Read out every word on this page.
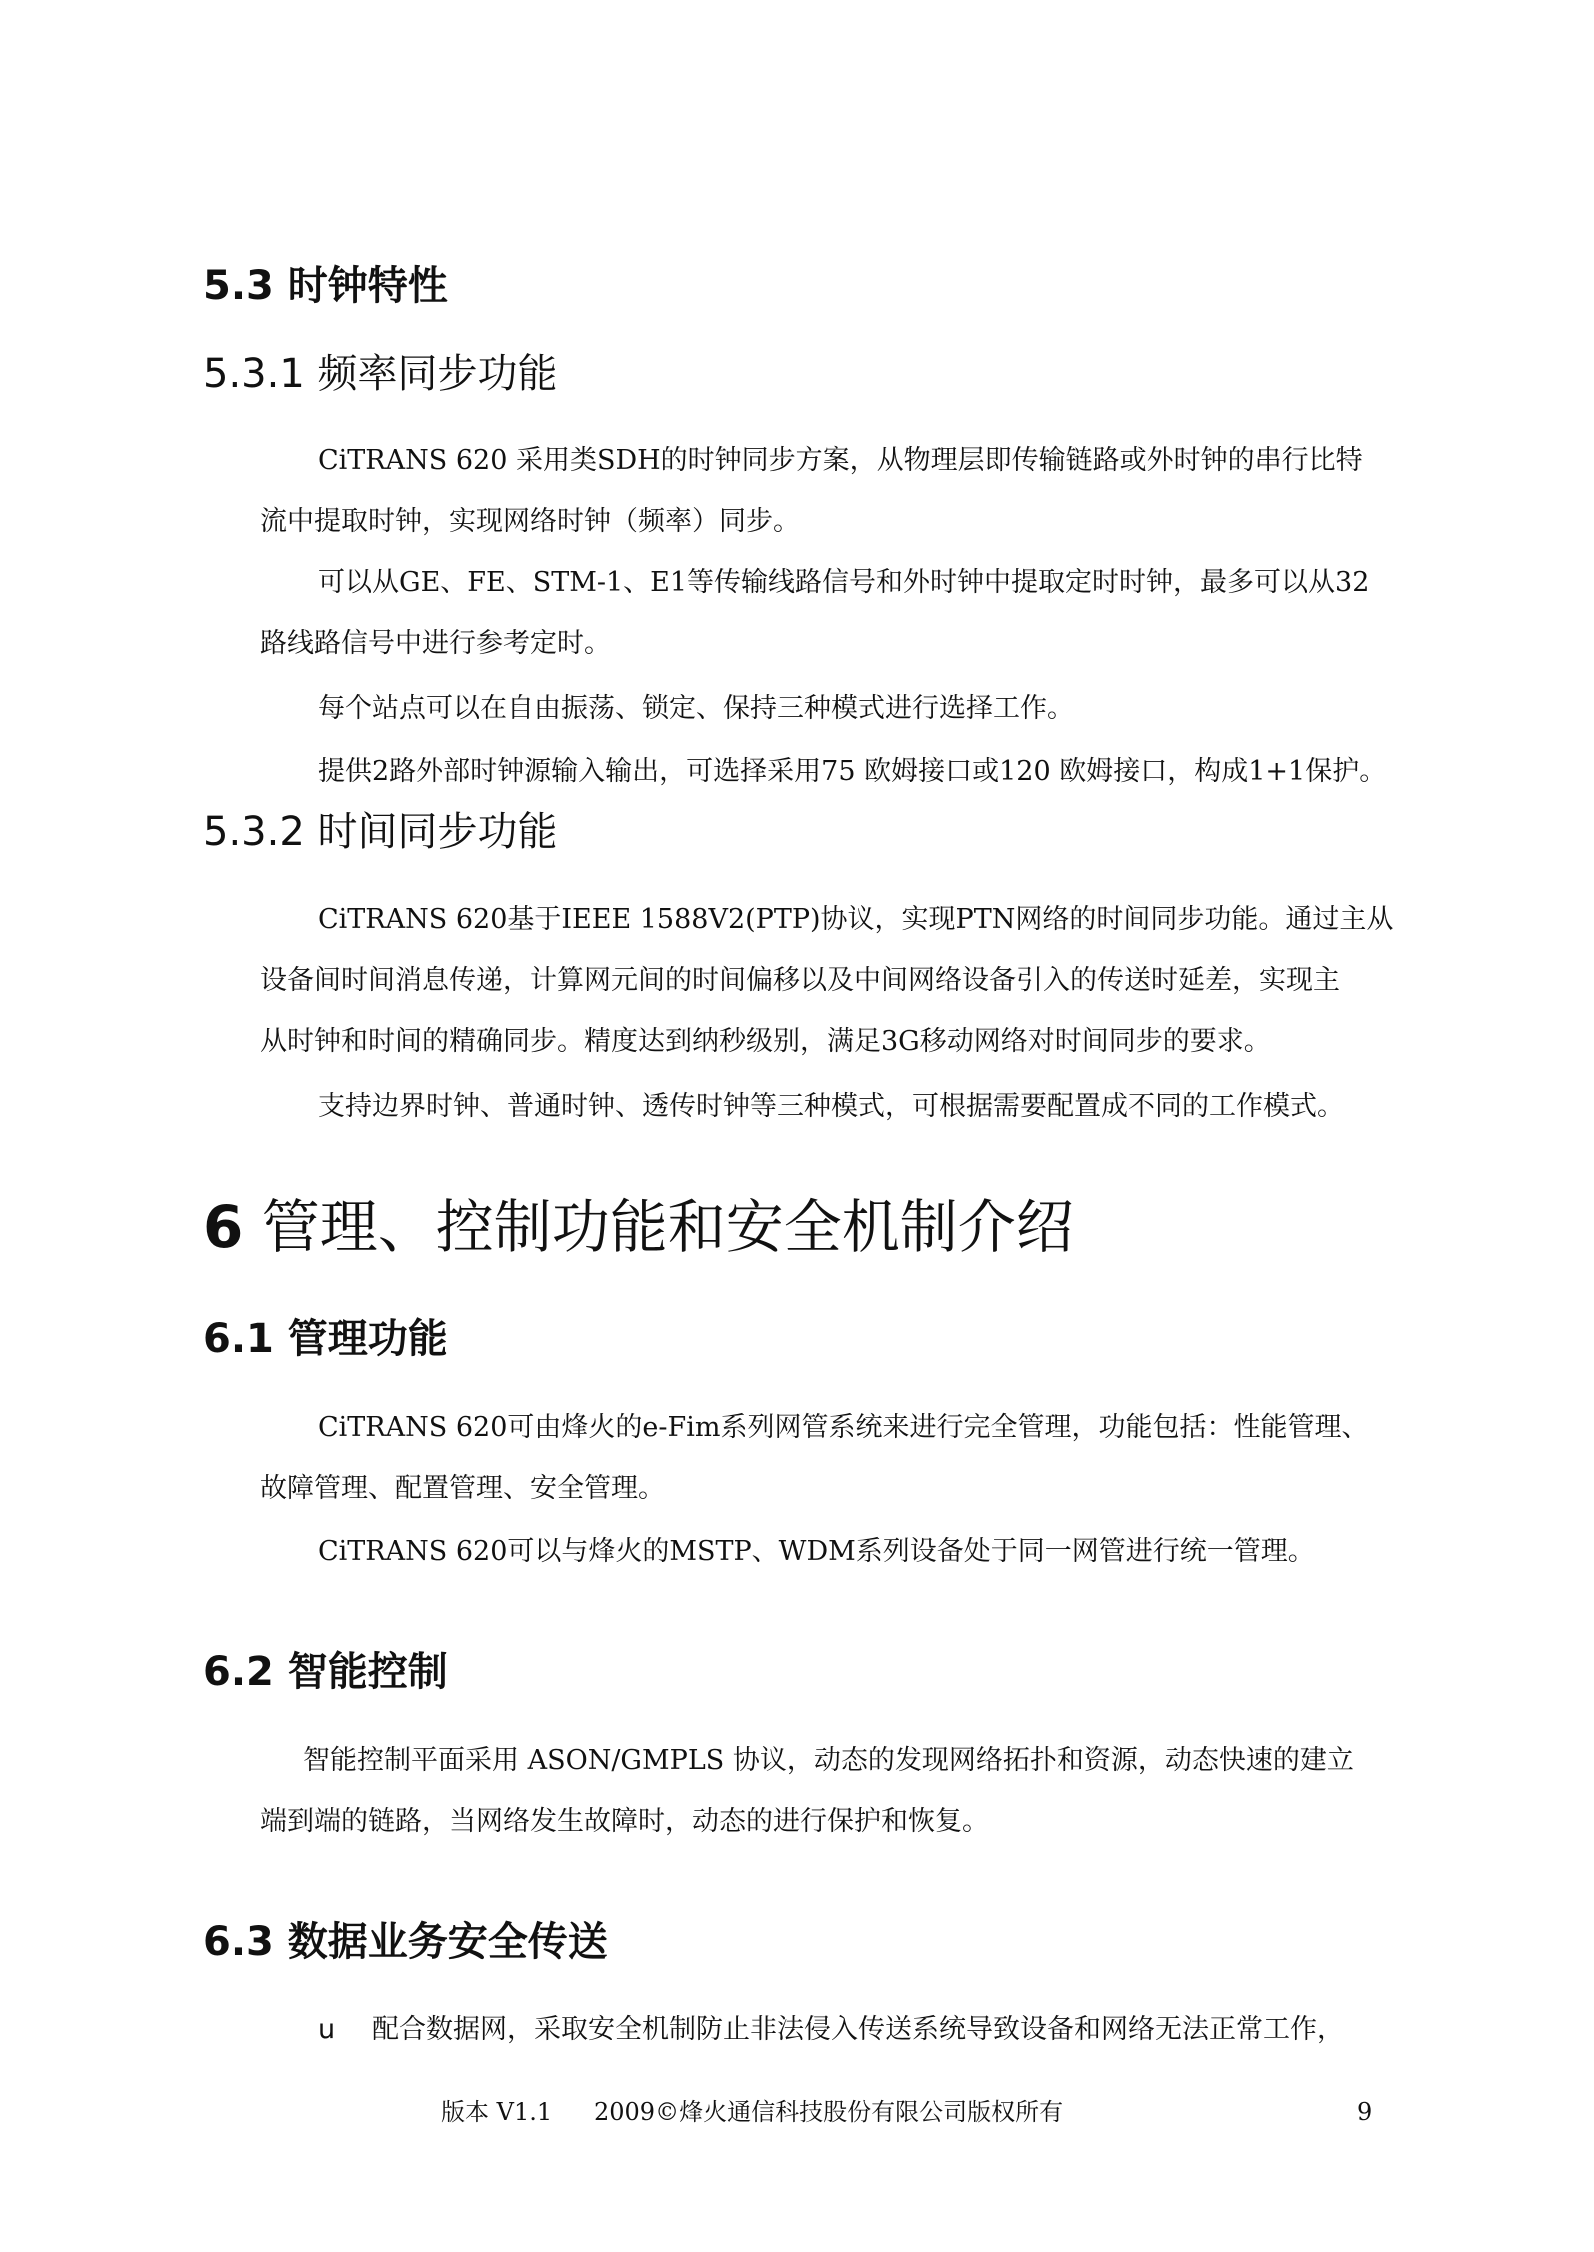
5.3 时钟特性
5.3.1 频率同步功能

CiTRANS 620 采用类SDH的时钟同步方案，从物理层即传输链路或外时钟的串行比特

流中提取时钟，实现网络时钟（频率）同步。

可以从GE、FE、STM-1、E1等传输线路信号和外时钟中提取定时时钟，最多可以从32

路线路信号中进行参考定时。

每个站点可以在自由振荡、锁定、保持三种模式进行选择工作。

提供2路外部时钟源输入输出，可选择采用75 欧姆接口或120 欧姆接口，构成1+1保护。

5.3.2 时间同步功能

CiTRANS 620基于IEEE 1588V2(PTP)协议，实现PTN网络的时间同步功能。通过主从

设备间时间消息传递，计算网元间的时间偏移以及中间网络设备引入的传送时延差，实现主

从时钟和时间的精确同步。精度达到纳秒级别，满足3G移动网络对时间同步的要求。

支持边界时钟、普通时钟、透传时钟等三种模式，可根据需要配置成不同的工作模式。

6 管理、控制功能和安全机制介绍
6.1 管理功能

CiTRANS 620可由烽火的e-Fim系列网管系统来进行完全管理，功能包括：性能管理、

故障管理、配置管理、安全管理。

CiTRANS 620可以与烽火的MSTP、WDM系列设备处于同一网管进行统一管理。

6.2 智能控制

智能控制平面采用 ASON/GMPLS 协议，动态的发现网络拓扑和资源，动态快速的建立

端到端的链路，当网络发生故障时，动态的进行保护和恢复。

6.3 数据业务安全传送
u 配合数据网，采取安全机制防止非法侵入传送系统导致设备和网络无法正常工作，

版本 V1.1 2009©烽火通信科技股份有限公司版权所有	9
